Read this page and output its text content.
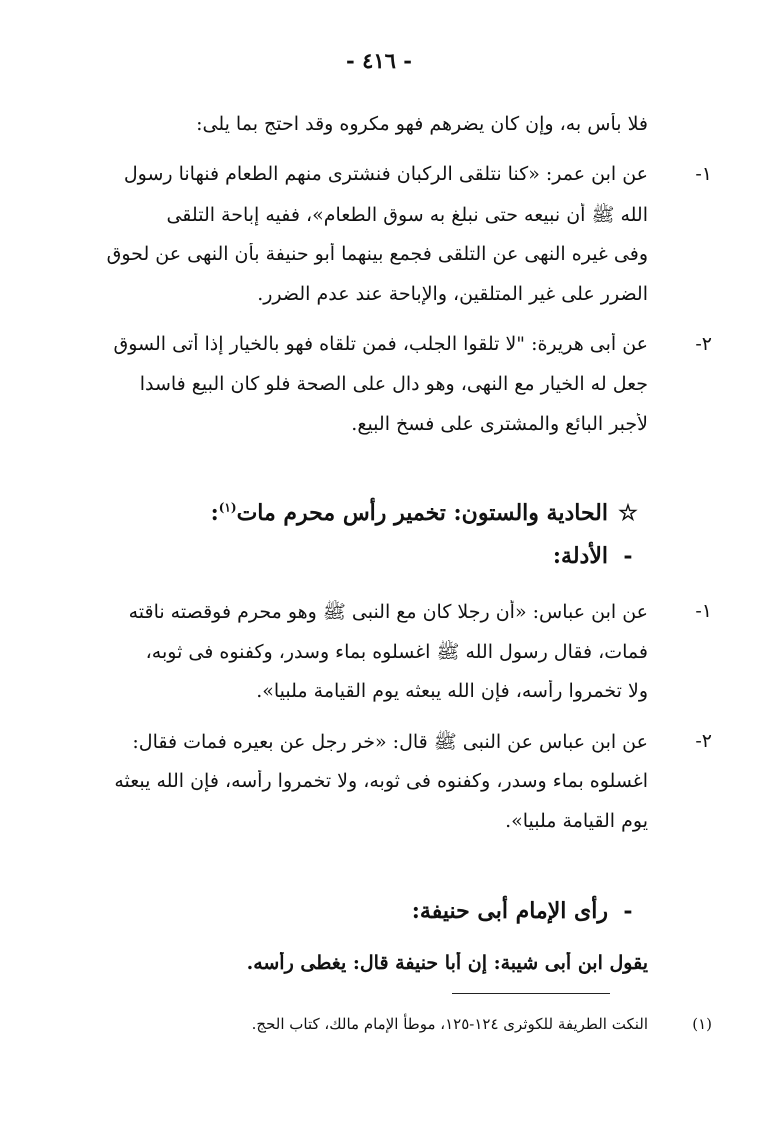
- ٤١٦ -
فلا بأس به، وإن كان يضرهم فهو مكروه وقد احتج بما يلى:
١-
عن ابن عمر: «كنا نتلقى الركبان فنشترى منهم الطعام فنهانا رسول
الله ﷺ أن نبيعه حتى نبلغ به سوق الطعام»، ففيه إباحة التلقى
وفى غيره النهى عن التلقى فجمع بينهما أبو حنيفة بأن النهى عن لحوق
الضرر على غير المتلقين، والإباحة عند عدم الضرر.
٢-
عن أبى هريرة: "لا تلقوا الجلب، فمن تلقاه فهو بالخيار إذا أتى السوق
جعل له الخيار مع النهى، وهو دال على الصحة فلو كان البيع فاسدا
لأجبر البائع والمشترى على فسخ البيع.
☆
الحادية والستون: تخمير رأس محرم مات$^{(١)}$:
-
الأدلة:
١-
عن ابن عباس: «أن رجلا كان مع النبى ﷺ وهو محرم فوقصته ناقته
فمات، فقال رسول الله ﷺ اغسلوه بماء وسدر، وكفنوه فى ثوبه،
ولا تخمروا رأسه، فإن الله يبعثه يوم القيامة ملبيا».
٢-
عن ابن عباس عن النبى ﷺ قال: «خر رجل عن بعيره فمات فقال:
اغسلوه بماء وسدر، وكفنوه فى ثوبه، ولا تخمروا رأسه، فإن الله يبعثه
يوم القيامة ملبيا».
-
رأى الإمام أبى حنيفة:
يقول ابن أبى شيبة: إن أبا حنيفة قال: يغطى رأسه.
(١)
النكت الطريفة للكوثرى ١٢٤-١٢٥، موطأ الإمام مالك، كتاب الحج.
